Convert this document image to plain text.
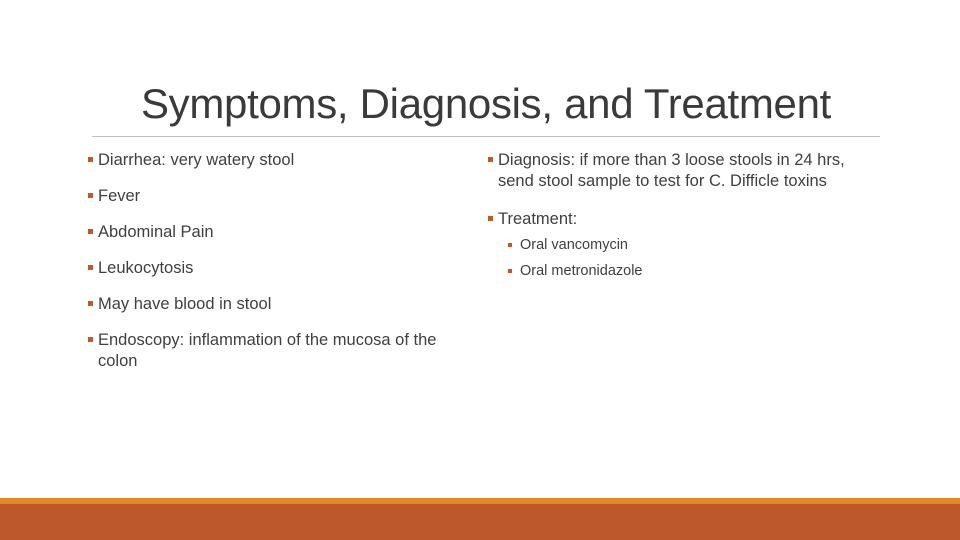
Symptoms, Diagnosis, and Treatment
Diarrhea: very watery stool
Fever
Abdominal Pain
Leukocytosis
May have blood in stool
Endoscopy: inflammation of the mucosa of the colon
Diagnosis: if more than 3 loose stools in 24 hrs, send stool sample to test for C. Difficle toxins
Treatment:
Oral vancomycin
Oral metronidazole
